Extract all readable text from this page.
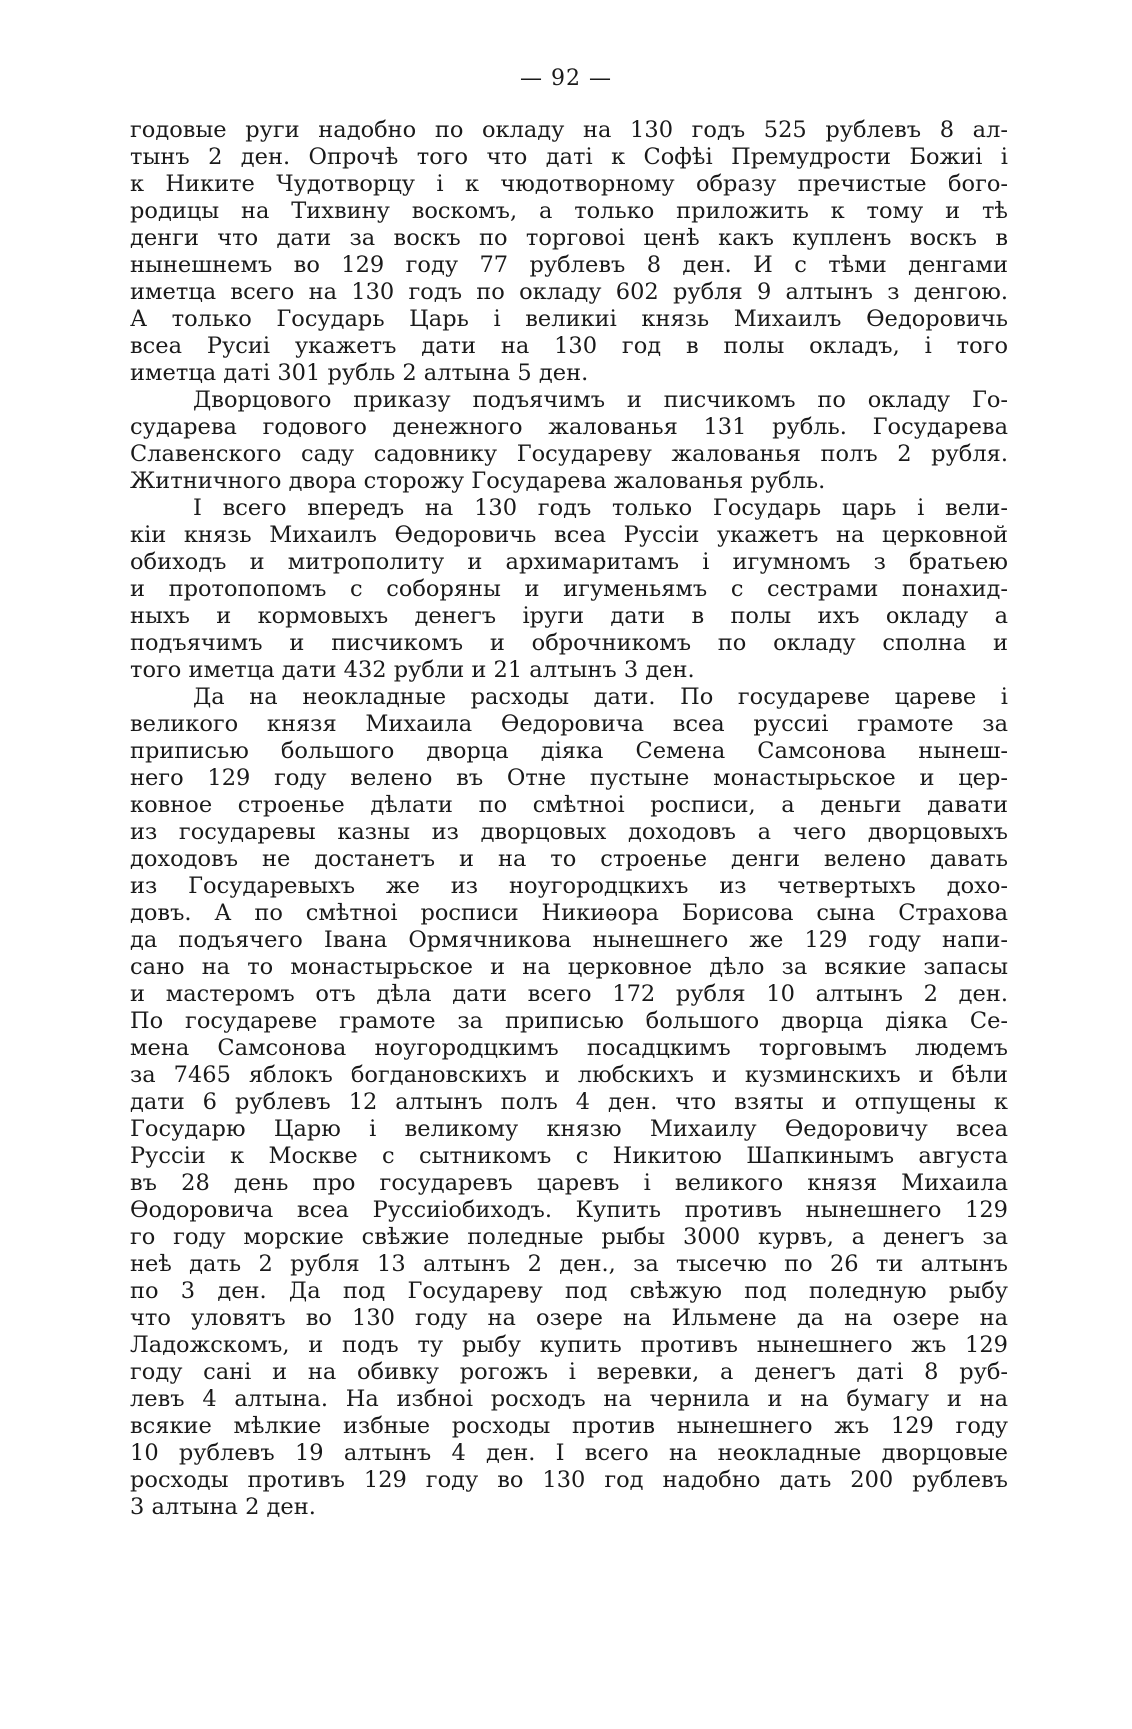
— 92 —
годовые руги надобно по окладу на 130 годъ 525 рублевъ 8 ал-
тынъ 2 ден. Опрочѣ того что даті к Софѣі Премудрости Божиі і
к Никите Чудотворцу і к чюдотворному образу пречистые бого-
родицы на Тихвину воскомъ, а только приложить к тому и тѣ
денги что дати за воскъ по торговоі ценѣ какъ купленъ воскъ в
нынешнемъ во 129 году 77 рублевъ 8 ден. И с тѣми денгами
иметца всего на 130 годъ по окладу 602 рубля 9 алтынъ з денгою.
А только Государь Царь і великиі князь Михаилъ Ѳедоровичь
всеа Русиі укажетъ дати на 130 год в полы окладъ, і того
иметца даті 301 рубль 2 алтына 5 ден.
Дворцового приказу подъячимъ и писчикомъ по окладу Го-
сударева годового денежного жалованья 131 рубль. Государева
Славенского саду садовнику Государеву жалованья полъ 2 рубля.
Житничного двора сторожу Государева жалованья рубль.
І всего впередъ на 130 годъ только Государь царь і вели-
кіи князь Михаилъ Ѳедоровичь всеа Руссіи укажетъ на церковной
обиходъ и митрополиту и архимаритамъ і игумномъ з братьею
и протопопомъ с соборяны и игуменьямъ с сестрами понахид-
ныхъ и кормовыхъ денегъ іруги дати в полы ихъ окладу а
подъячимъ и писчикомъ и оброчникомъ по окладу сполна и
того иметца дати 432 рубли и 21 алтынъ 3 ден.
Да на неокладные расходы дати. По государеве цареве і
великого князя Михаила Ѳедоровича всеа руссиі грамоте за
приписью большого дворца діяка Семена Самсонова нынеш-
него 129 году велено въ Отне пустыне монастырьское и цер-
ковное строенье дѣлати по смѣтноі росписи, а деньги давати
из государевы казны из дворцовых доходовъ а чего дворцовыхъ
доходовъ не достанетъ и на то строенье денги велено давать
из Государевыхъ же из ноугородцкихъ из четвертыхъ дохо-
довъ. А по смѣтноі росписи Никиѳора Борисова сына Страхова
да подъячего Івана Ормячникова нынешнего же 129 году напи-
сано на то монастырьское и на церковное дѣло за всякие запасы
и мастеромъ отъ дѣла дати всего 172 рубля 10 алтынъ 2 ден.
По государеве грамоте за приписью большого дворца діяка Се-
мена Самсонова ноугородцкимъ посадцкимъ торговымъ людемъ
за 7465 яблокъ богдановскихъ и любскихъ и кузминскихъ и бѣли
дати 6 рублевъ 12 алтынъ полъ 4 ден. что взяты и отпущены к
Государю Царю і великому князю Михаилу Ѳедоровичу всеа
Руссіи к Москве с сытникомъ с Никитою Шапкинымъ августа
въ 28 день про государевъ царевъ і великого князя Михаила
Ѳодоровича всеа Руссиіобиходъ. Купить противъ нынешнего 129
го году морские свѣжие поледные рыбы 3000 курвъ, а денегъ за
неѣ дать 2 рубля 13 алтынъ 2 ден., за тысечю по 26 ти алтынъ
по 3 ден. Да под Государеву под свѣжую под поледную рыбу
что уловятъ во 130 году на озере на Ильмене да на озере на
Ладожскомъ, и подъ ту рыбу купить противъ нынешнего жъ 129
году сані и на обивку рогожъ і веревки, а денегъ даті 8 руб-
левъ 4 алтына. На избноі росходъ на чернила и на бумагу и на
всякие мѣлкие избные росходы против нынешнего жъ 129 году
10 рублевъ 19 алтынъ 4 ден. І всего на неокладные дворцовые
росходы противъ 129 году во 130 год надобно дать 200 рублевъ
3 алтына 2 ден.
